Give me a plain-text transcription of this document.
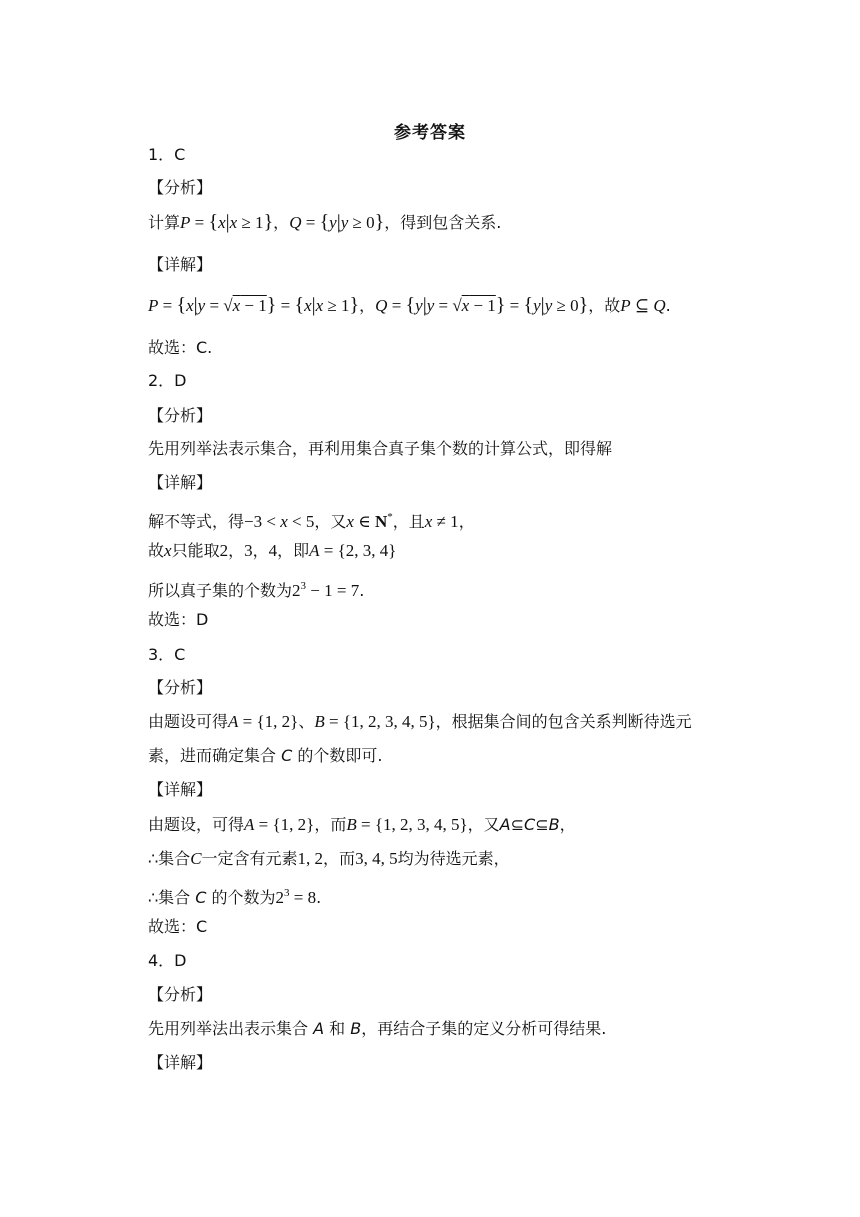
参考答案
1．C
【分析】
计算P = {x|x ≥ 1}，Q = {y|y ≥ 0}，得到包含关系.
【详解】
P = {x|y = √x − 1} = {x|x ≥ 1}，Q = {y|y = √x − 1} = {y|y ≥ 0}，故P ⊆ Q.
故选：C.
2．D
【分析】
先用列举法表示集合，再利用集合真子集个数的计算公式，即得解
【详解】
解不等式，得−3 < x < 5，又x ∈ N*，且x ≠ 1，
故x只能取2，3，4，即A = {2, 3, 4}
所以真子集的个数为$2^3 - 1 = 7$.
故选：D
3．C
【分析】
由题设可得A = {1, 2}、B = {1, 2, 3, 4, 5}，根据集合间的包含关系判断待选元
素，进而确定集合 C 的个数即可.
【详解】
由题设，可得A = {1, 2}，而B = {1, 2, 3, 4, 5}，又A⊆C⊆B，
∴集合C一定含有元素1, 2，而3, 4, 5均为待选元素，
∴集合 C 的个数为$2^3 = 8$.
故选：C
4．D
【分析】
先用列举法出表示集合 A 和 B，再结合子集的定义分析可得结果.
【详解】
